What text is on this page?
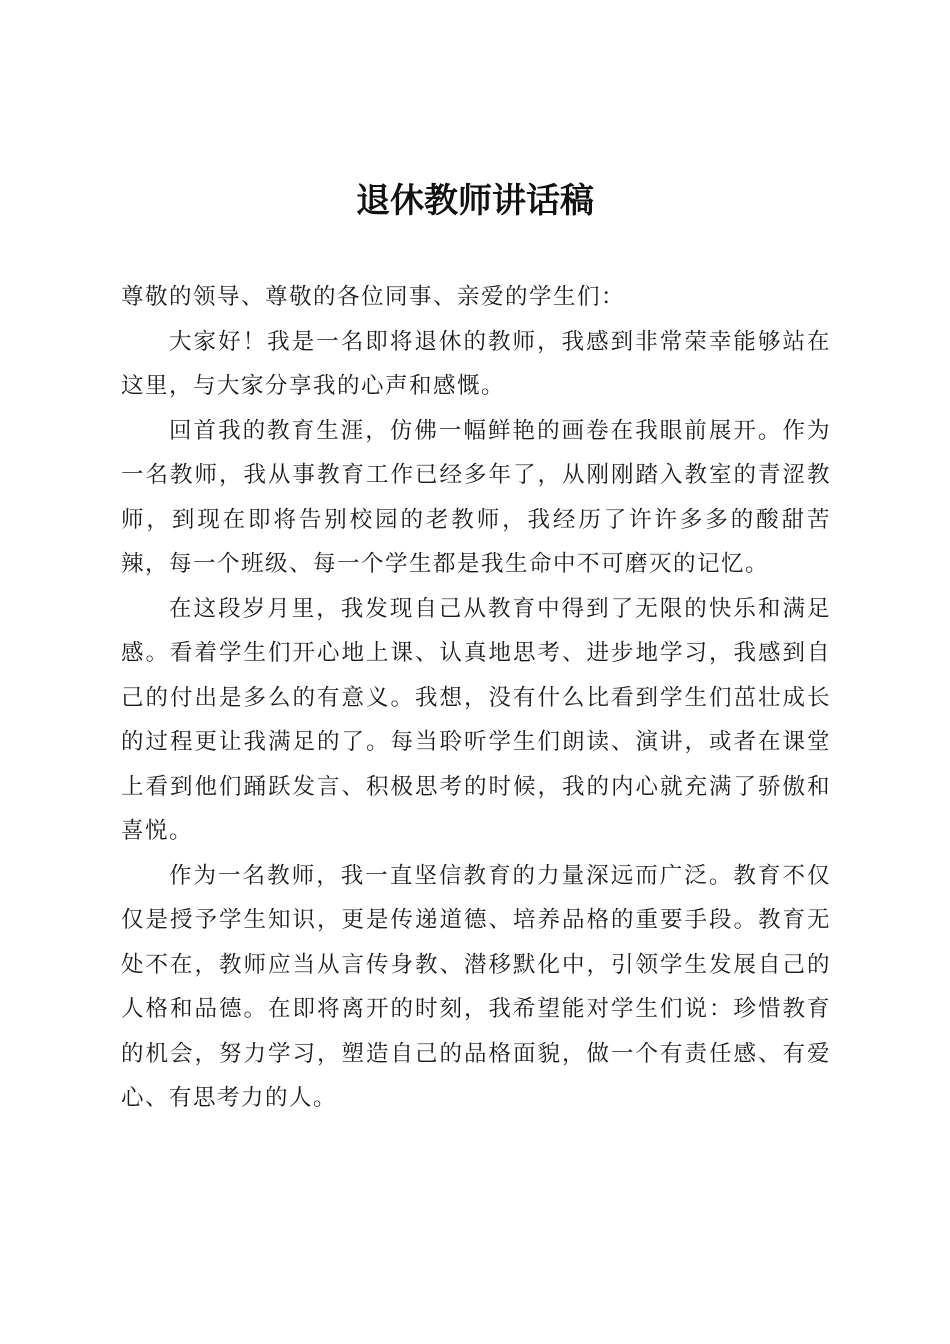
退休教师讲话稿

尊敬的领导、尊敬的各位同事、亲爱的学生们：

大家好！我是一名即将退休的教师，我感到非常荣幸能够站在这里，与大家分享我的心声和感慨。

回首我的教育生涯，仿佛一幅鲜艳的画卷在我眼前展开。作为一名教师，我从事教育工作已经多年了，从刚刚踏入教室的青涩教师，到现在即将告别校园的老教师，我经历了许许多多的酸甜苦辣，每一个班级、每一个学生都是我生命中不可磨灭的记忆。

在这段岁月里，我发现自己从教育中得到了无限的快乐和满足感。看着学生们开心地上课、认真地思考、进步地学习，我感到自己的付出是多么的有意义。我想，没有什么比看到学生们茁壮成长的过程更让我满足的了。每当聆听学生们朗读、演讲，或者在课堂上看到他们踊跃发言、积极思考的时候，我的内心就充满了骄傲和喜悦。

作为一名教师，我一直坚信教育的力量深远而广泛。教育不仅仅是授予学生知识，更是传递道德、培养品格的重要手段。教育无处不在，教师应当从言传身教、潜移默化中，引领学生发展自己的人格和品德。在即将离开的时刻，我希望能对学生们说：珍惜教育的机会，努力学习，塑造自己的品格面貌，做一个有责任感、有爱心、有思考力的人。
